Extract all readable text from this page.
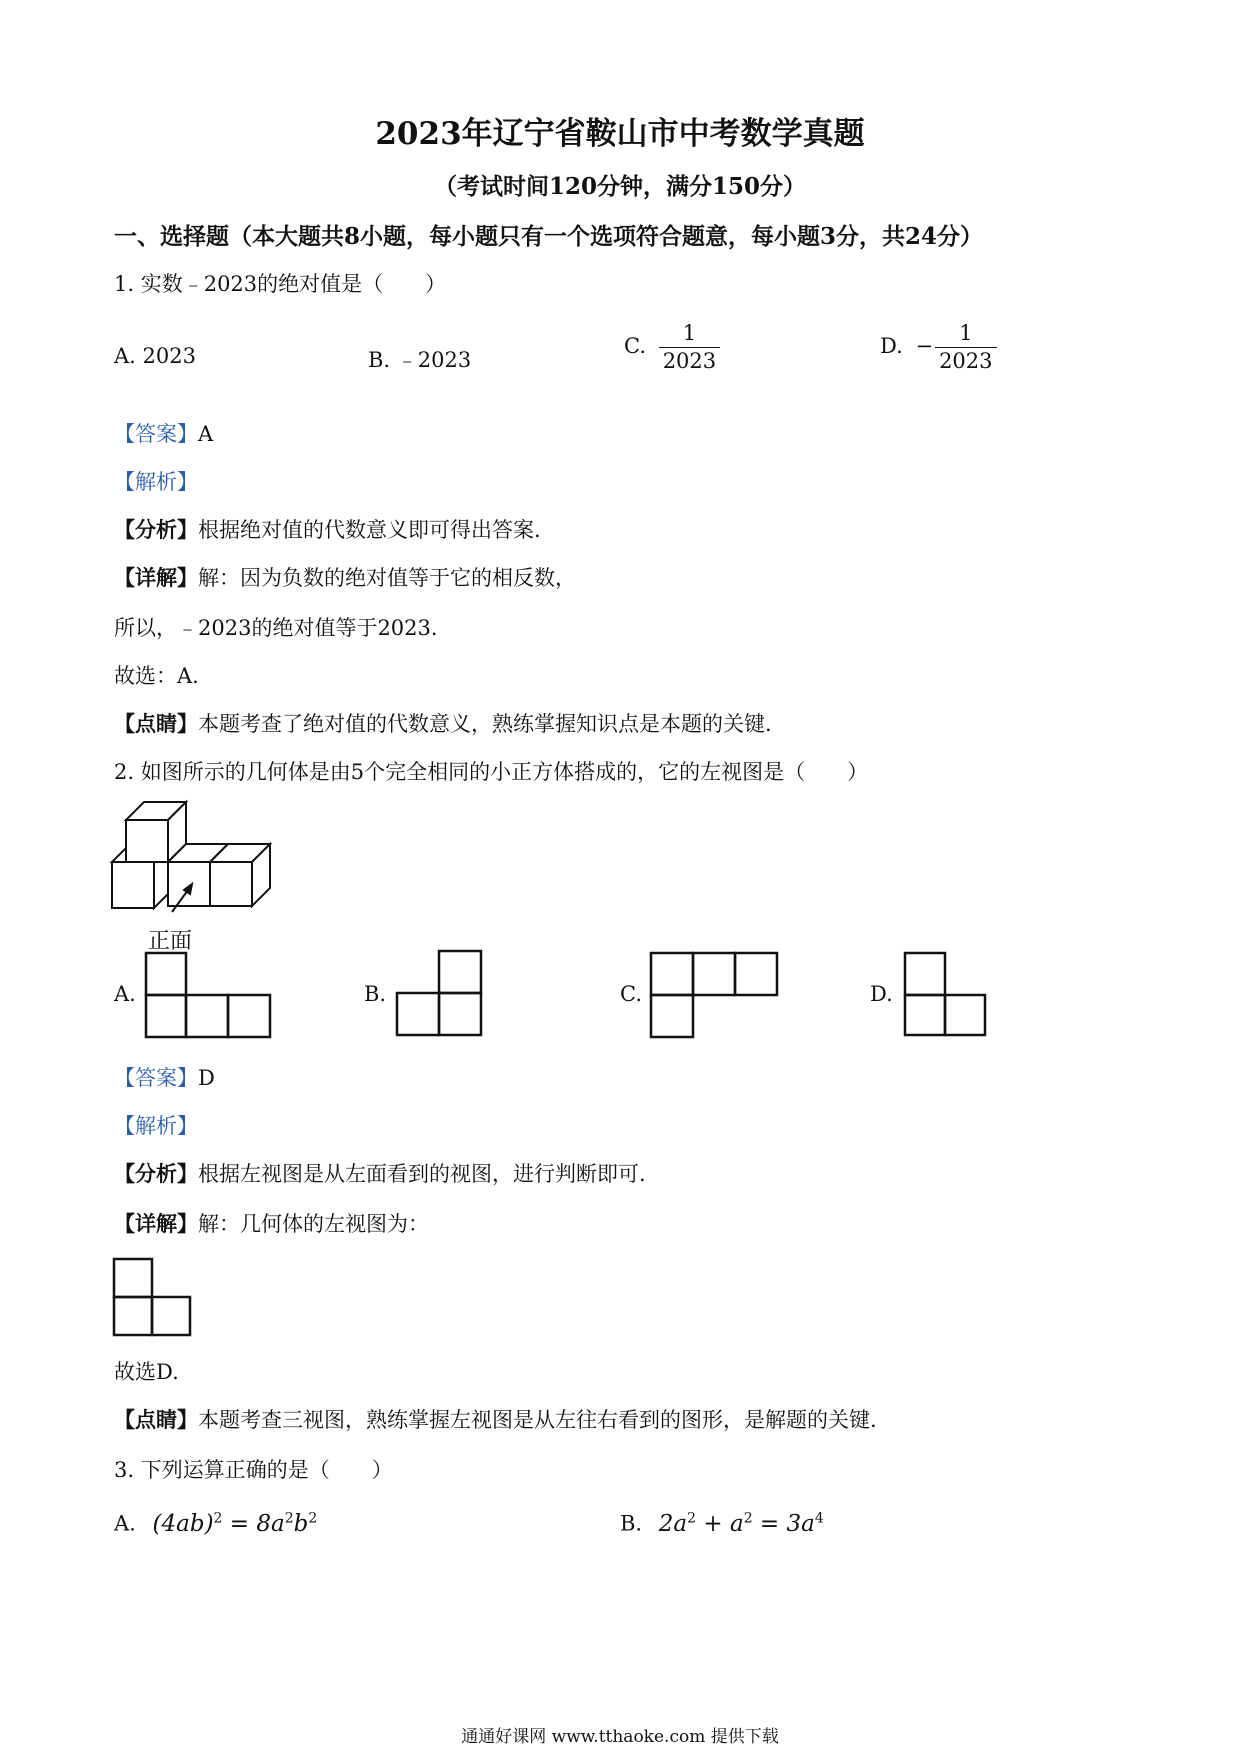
2023年辽宁省鞍山市中考数学真题
（考试时间120分钟，满分150分）
一、选择题（本大题共8小题，每小题只有一个选项符合题意，每小题3分，共24分）
1. 实数﹣2023的绝对值是（　　）
A. 2023	B. ﹣2023
C. $\frac{1}{2023}$	D. − $\frac{1}{2023}$
【答案】A
【解析】
【分析】根据绝对值的代数意义即可得出答案.
【详解】解：因为负数的绝对值等于它的相反数，
所以，﹣2023的绝对值等于2023.
故选：A.
【点睛】本题考查了绝对值的代数意义，熟练掌握知识点是本题的关键.
2. 如图所示的几何体是由5个完全相同的小正方体搭成的，它的左视图是（　　）
正面
A.	B.	C.	D.
【答案】D
【解析】
【分析】根据左视图是从左面看到的视图，进行判断即可.
【详解】解：几何体的左视图为：
故选D.
【点睛】本题考查三视图，熟练掌握左视图是从左往右看到的图形，是解题的关键.
3. 下列运算正确的是（　　）
A. $(4ab)^2 = 8a^2b^2$	B. $2a^2 + a^2 = 3a^4$
通通好课网 www.tthaoke.com 提供下载
